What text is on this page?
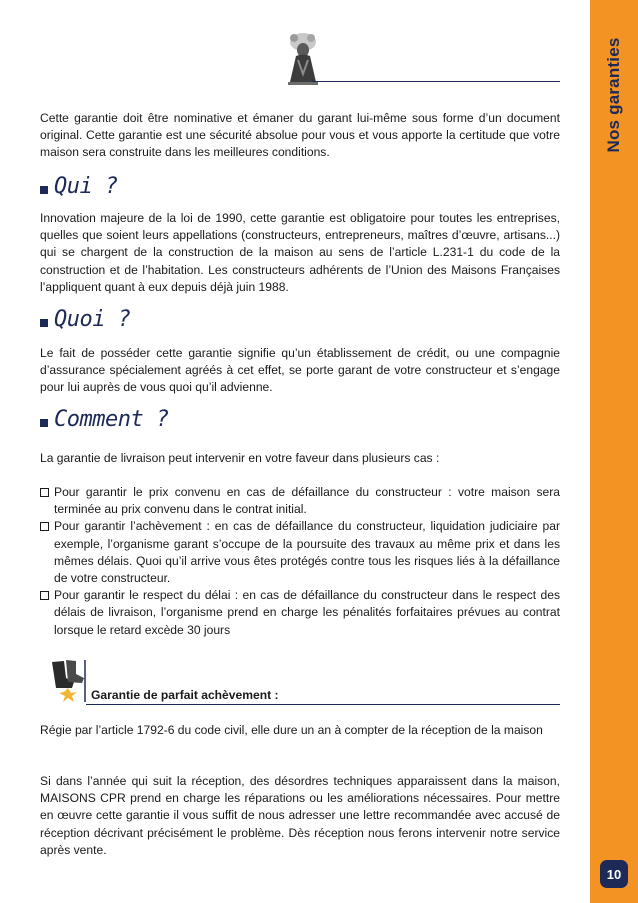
Nos garanties
10

Cette garantie doit être nominative et émaner du garant lui-même sous forme d’un document original. Cette garantie est une sécurité absolue pour vous et vous apporte la certitude que votre maison sera construite dans les meilleures conditions.

Qui ?

Innovation majeure de la loi de 1990, cette garantie est obligatoire pour toutes les entreprises, quelles que soient leurs appellations (constructeurs, entrepreneurs, maîtres d’œuvre, artisans...) qui se chargent de la construction de la maison au sens de l’article L.231-1 du code de la construction et de l’habitation. Les constructeurs adhérents de l’Union des Maisons Françaises l’appliquent quant à eux depuis déjà juin 1988.

Quoi ?

Le fait de posséder cette garantie signifie qu’un établissement de crédit, ou une compagnie d’assurance spécialement agréés à cet effet, se porte garant de votre constructeur et s’engage pour lui auprès de vous quoi qu’il advienne.

Comment ?

La garantie de livraison peut intervenir en votre faveur dans plusieurs cas :

Pour garantir le prix convenu en cas de défaillance du constructeur : votre maison sera terminée au prix convenu dans le contrat initial.
Pour garantir l’achèvement : en cas de défaillance du constructeur, liquidation judiciaire par exemple, l’organisme garant s’occupe de la poursuite des travaux au même prix et dans les mêmes délais. Quoi qu’il arrive vous êtes protégés contre tous les risques liés à la défaillance de votre constructeur.
Pour garantir le respect du délai : en cas de défaillance du constructeur dans le respect des délais de livraison, l’organisme prend en charge les pénalités forfaitaires prévues au contrat lorsque le retard excède 30 jours
Garantie de parfait achèvement :

Régie par l’article 1792-6 du code civil, elle dure un an à compter de la réception de la maison

Si dans l’année qui suit la réception, des désordres techniques apparaissent dans la maison, MAISONS CPR prend en charge les réparations ou les améliorations nécessaires. Pour mettre en œuvre cette garantie il vous suffit de nous adresser une lettre recommandée avec accusé de réception décrivant précisément le problème. Dès réception nous ferons intervenir notre service après vente.
